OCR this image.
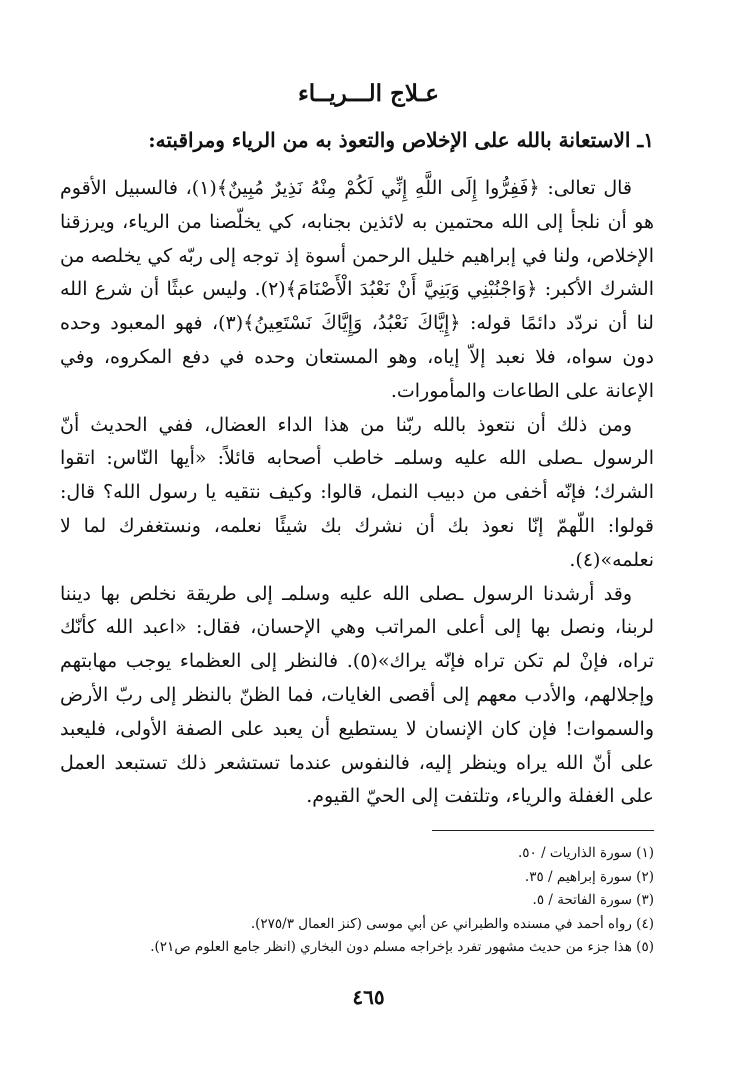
عـلاج الـــريــاء
١ـ الاستعانة بالله على الإخلاص والتعوذ به من الرياء ومراقبته:

قال تعالى: ﴿فَفِرُّوا إِلَى اللَّهِ إِنِّي لَكُمْ مِنْهُ نَذِيرٌ مُبِينٌ﴾(١)، فالسبيل الأقوم هو أن نلجأ إلى الله محتمين به لائذين بجنابه، كي يخلّصنا من الرياء، ويرزقنا الإخلاص، ولنا في إبراهيم خليل الرحمن أسوة إذ توجه إلى ربّه كي يخلصه من الشرك الأكبر: ﴿وَاجْنُبْنِي وَبَنِيَّ أَنْ نَعْبُدَ الْأَصْنَامَ﴾(٢). وليس عبثًا أن شرع الله لنا أن نردّد دائمًا قوله: ﴿إِيَّاكَ نَعْبُدُ، وَإِيَّاكَ نَسْتَعِينُ﴾(٣)، فهو المعبود وحده دون سواه، فلا نعبد إلاّ إياه، وهو المستعان وحده في دفع المكروه، وفي الإعانة على الطاعات والمأمورات.

ومن ذلك أن نتعوذ بالله ربّنا من هذا الداء العضال، ففي الحديث أنّ الرسول ـصلى الله عليه وسلمـ خاطب أصحابه قائلاً: «أيها النّاس: اتقوا الشرك؛ فإنّه أخفى من دبيب النمل، قالوا: وكيف نتقيه يا رسول الله؟ قال: قولوا: اللّهمّ إنّا نعوذ بك أن نشرك بك شيئًا نعلمه، ونستغفرك لما لا نعلمه»(٤).

وقد أرشدنا الرسول ـصلى الله عليه وسلمـ إلى طريقة نخلص بها ديننا لربنا، ونصل بها إلى أعلى المراتب وهي الإحسان، فقال: «اعبد الله كأنّك تراه، فإنْ لم تكن تراه فإنّه يراك»(٥). فالنظر إلى العظماء يوجب مهابتهم وإجلالهم، والأدب معهم إلى أقصى الغايات، فما الظنّ بالنظر إلى ربّ الأرض والسموات! فإن كان الإنسان لا يستطيع أن يعبد على الصفة الأولى، فليعبد على أنّ الله يراه وينظر إليه، فالنفوس عندما تستشعر ذلك تستبعد العمل على الغفلة والرياء، وتلتفت إلى الحيّ القيوم.

(١) سورة الذاريات / ٥٠.
(٢) سورة إبراهيم / ٣٥.
(٣) سورة الفاتحة / ٥.
(٤) رواه أحمد في مسنده والطبراني عن أبي موسى (كنز العمال ٢٧٥/٣).
(٥) هذا جزء من حديث مشهور تفرد بإخراجه مسلم دون البخاري (انظر جامع العلوم ص٢١).
٤٦٥
